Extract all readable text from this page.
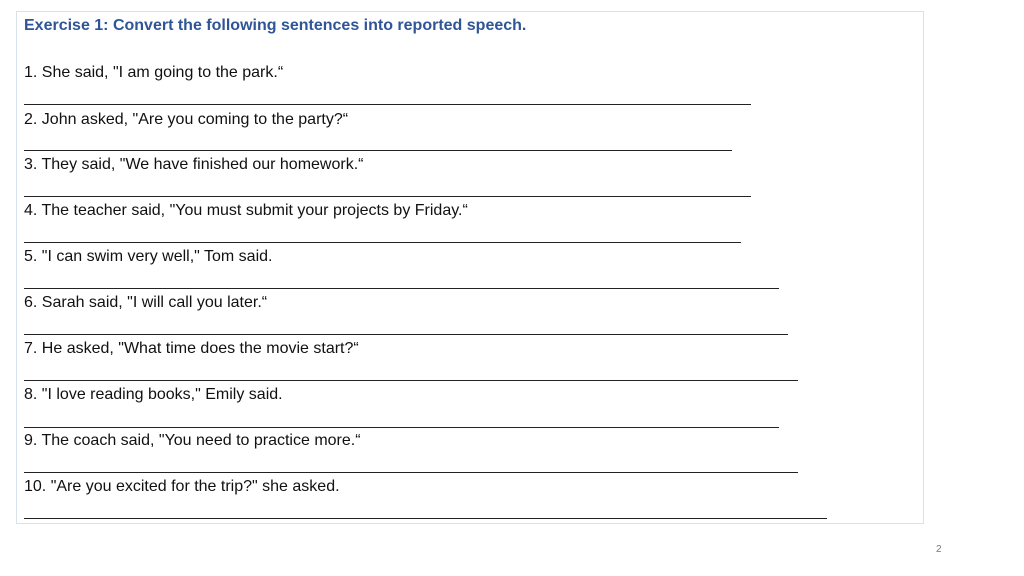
Exercise 1: Convert the following sentences into reported speech.
1. She said, "I am going to the park.“
2. John asked, "Are you coming to the party?“
3. They said, "We have finished our homework.“
4. The teacher said, "You must submit your projects by Friday.“
5. "I can swim very well," Tom said.
6. Sarah said, "I will call you later.“
7. He asked, "What time does the movie start?“
8. "I love reading books," Emily said.
9. The coach said, "You need to practice more.“
10. "Are you excited for the trip?" she asked.
2
